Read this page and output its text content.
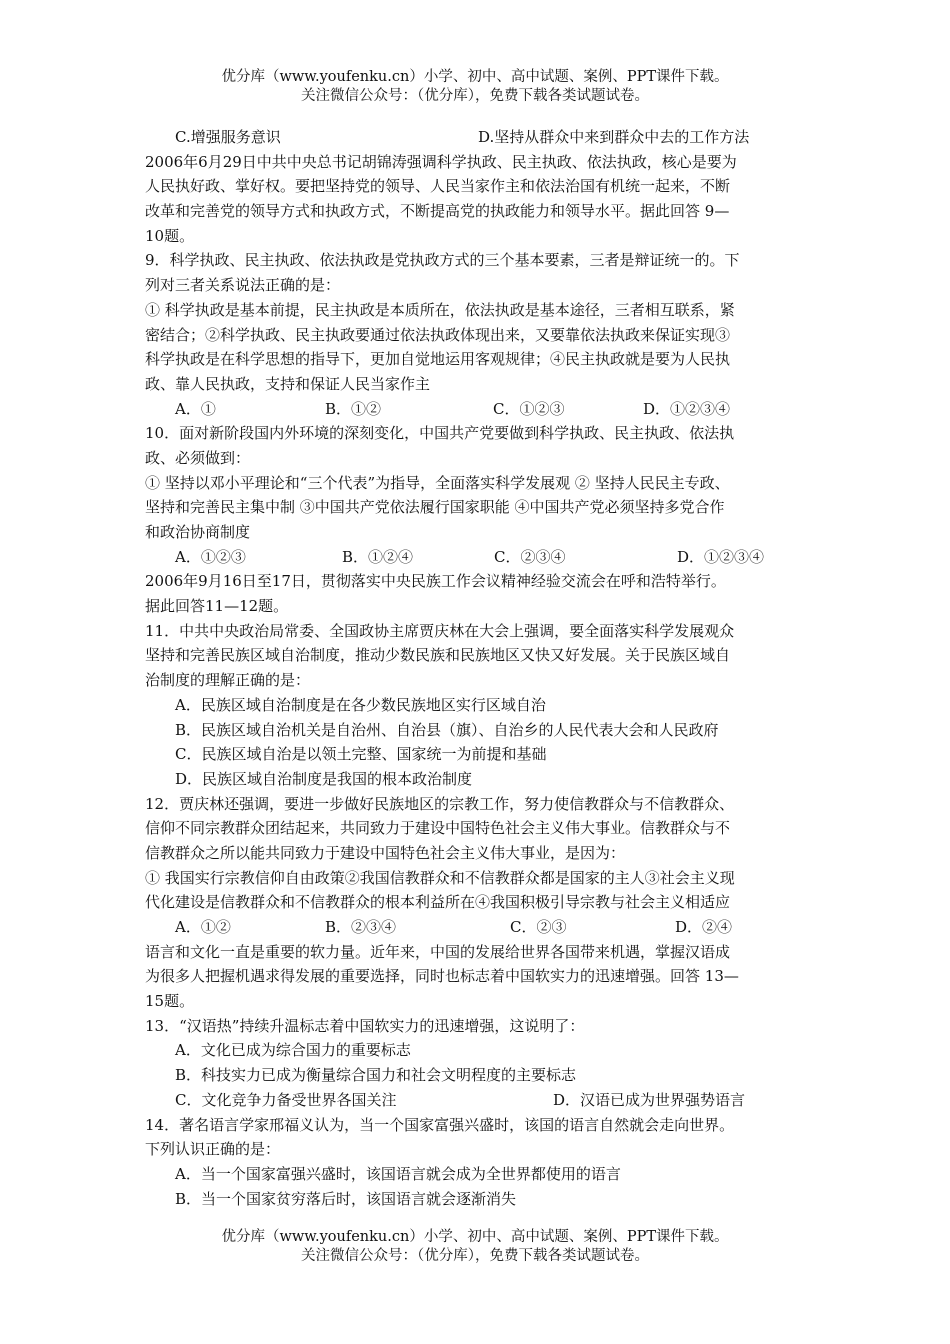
优分库（www.youfenku.cn）小学、初中、高中试题、案例、PPT课件下载。
关注微信公众号：（优分库），免费下载各类试题试卷。
C.增强服务意识	D.坚持从群众中来到群众中去的工作方法
2006年6月29日中共中央总书记胡锦涛强调科学执政、民主执政、依法执政，核心是要为
人民执好政、掌好权。要把坚持党的领导、人民当家作主和依法治国有机统一起来，不断
改革和完善党的领导方式和执政方式，不断提高党的执政能力和领导水平。据此回答 9—
10题。
9．科学执政、民主执政、依法执政是党执政方式的三个基本要素，三者是辩证统一的。下
列对三者关系说法正确的是：
① 科学执政是基本前提，民主执政是本质所在，依法执政是基本途径，三者相互联系，紧
密结合；②科学执政、民主执政要通过依法执政体现出来，又要靠依法执政来保证实现③
科学执政是在科学思想的指导下，更加自觉地运用客观规律；④民主执政就是要为人民执
政、靠人民执政，支持和保证人民当家作主
A．①	B．①②	C．①②③	D．①②③④
10．面对新阶段国内外环境的深刻变化，中国共产党要做到科学执政、民主执政、依法执
政、必须做到：
① 坚持以邓小平理论和“三个代表”为指导，全面落实科学发展观 ② 坚持人民民主专政、
坚持和完善民主集中制 ③中国共产党依法履行国家职能 ④中国共产党必须坚持多党合作
和政治协商制度
A．①②③	B．①②④	C．②③④	D．①②③④
2006年9月16日至17日，贯彻落实中央民族工作会议精神经验交流会在呼和浩特举行。
据此回答11—12题。
11．中共中央政治局常委、全国政协主席贾庆林在大会上强调，要全面落实科学发展观众
坚持和完善民族区域自治制度，推动少数民族和民族地区又快又好发展。关于民族区域自
治制度的理解正确的是：
A．民族区域自治制度是在各少数民族地区实行区域自治
B．民族区域自治机关是自治州、自治县（旗）、自治乡的人民代表大会和人民政府
C．民族区域自治是以领土完整、国家统一为前提和基础
D．民族区域自治制度是我国的根本政治制度
12．贾庆林还强调，要进一步做好民族地区的宗教工作，努力使信教群众与不信教群众、
信仰不同宗教群众团结起来，共同致力于建设中国特色社会主义伟大事业。信教群众与不
信教群众之所以能共同致力于建设中国特色社会主义伟大事业，是因为：
① 我国实行宗教信仰自由政策②我国信教群众和不信教群众都是国家的主人③社会主义现
代化建设是信教群众和不信教群众的根本利益所在④我国积极引导宗教与社会主义相适应
A．①②	B．②③④	C．②③	D．②④
语言和文化一直是重要的软力量。近年来，中国的发展给世界各国带来机遇，掌握汉语成
为很多人把握机遇求得发展的重要选择，同时也标志着中国软实力的迅速增强。回答 13—
15题。
13．“汉语热”持续升温标志着中国软实力的迅速增强，这说明了：
A．文化已成为综合国力的重要标志
B．科技实力已成为衡量综合国力和社会文明程度的主要标志
C．文化竞争力备受世界各国关注	D．汉语已成为世界强势语言
14．著名语言学家邢福义认为，当一个国家富强兴盛时，该国的语言自然就会走向世界。
下列认识正确的是：
A．当一个国家富强兴盛时，该国语言就会成为全世界都使用的语言
B．当一个国家贫穷落后时，该国语言就会逐渐消失
优分库（www.youfenku.cn）小学、初中、高中试题、案例、PPT课件下载。
关注微信公众号：（优分库），免费下载各类试题试卷。
